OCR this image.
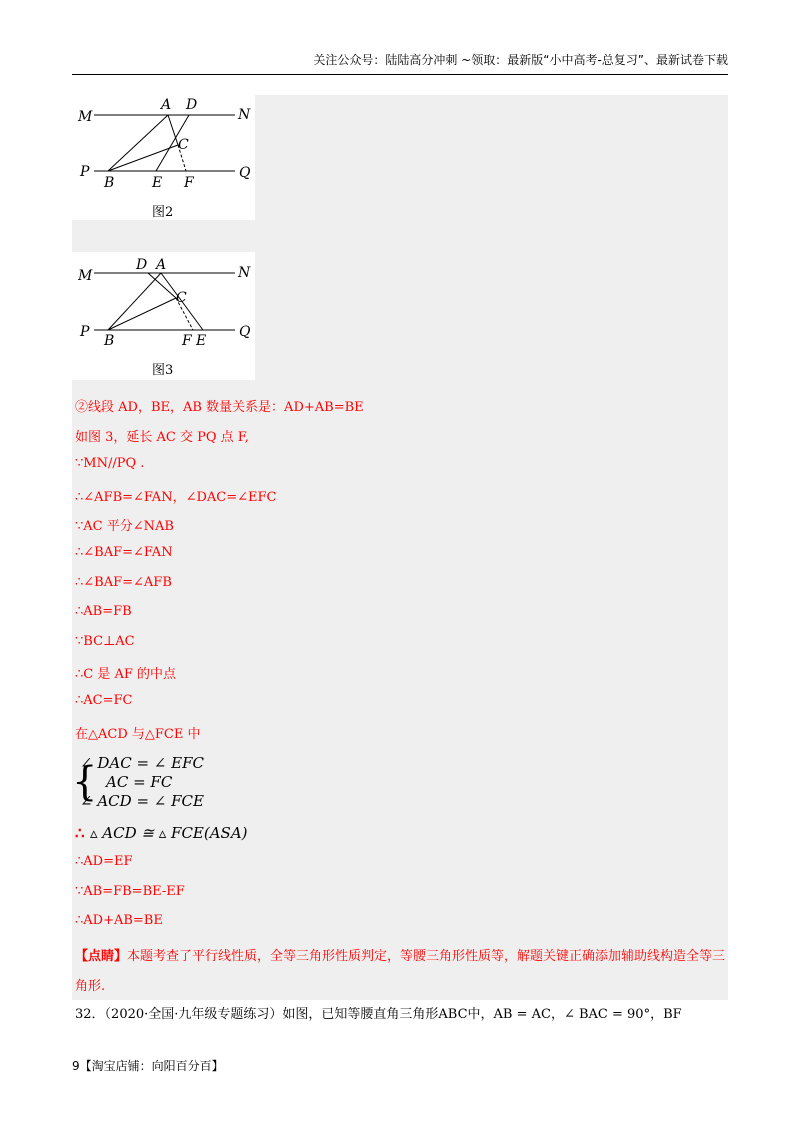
关注公众号：陆陆高分冲刺 ~领取：最新版“小中高考-总复习”、最新试卷下载
M	N
A D
C
P	Q
B	E F
图2
M	N
D A
C
P	Q
B	F E
图3
②线段 AD，BE，AB 数量关系是：AD+AB=BE
如图 3，延长 AC 交 PQ 点 F,
∵MN//PQ .
∴∠AFB=∠FAN，∠DAC=∠EFC
∵AC 平分∠NAB
∴∠BAF=∠FAN
∴∠BAF=∠AFB
∴AB=FB
∵BC⊥AC
∴C 是 AF 的中点
∴AC=FC
在△ACD 与△FCE 中
{
∠ DAC = ∠ EFC
AC = FC
∠ ACD = ∠ FCE
∴ ▵ ACD ≅ ▵ FCE(ASA)
∴AD=EF
∵AB=FB=BE-EF
∴AD+AB=BE
【点睛】本题考查了平行线性质，全等三角形性质判定，等腰三角形性质等，解题关键正确添加辅助线构造全等三角形.
32．（2020·全国·九年级专题练习）如图，已知等腰直角三角形ABC中，AB = AC，∠ BAC = 90°，BF
9【淘宝店铺：向阳百分百】
